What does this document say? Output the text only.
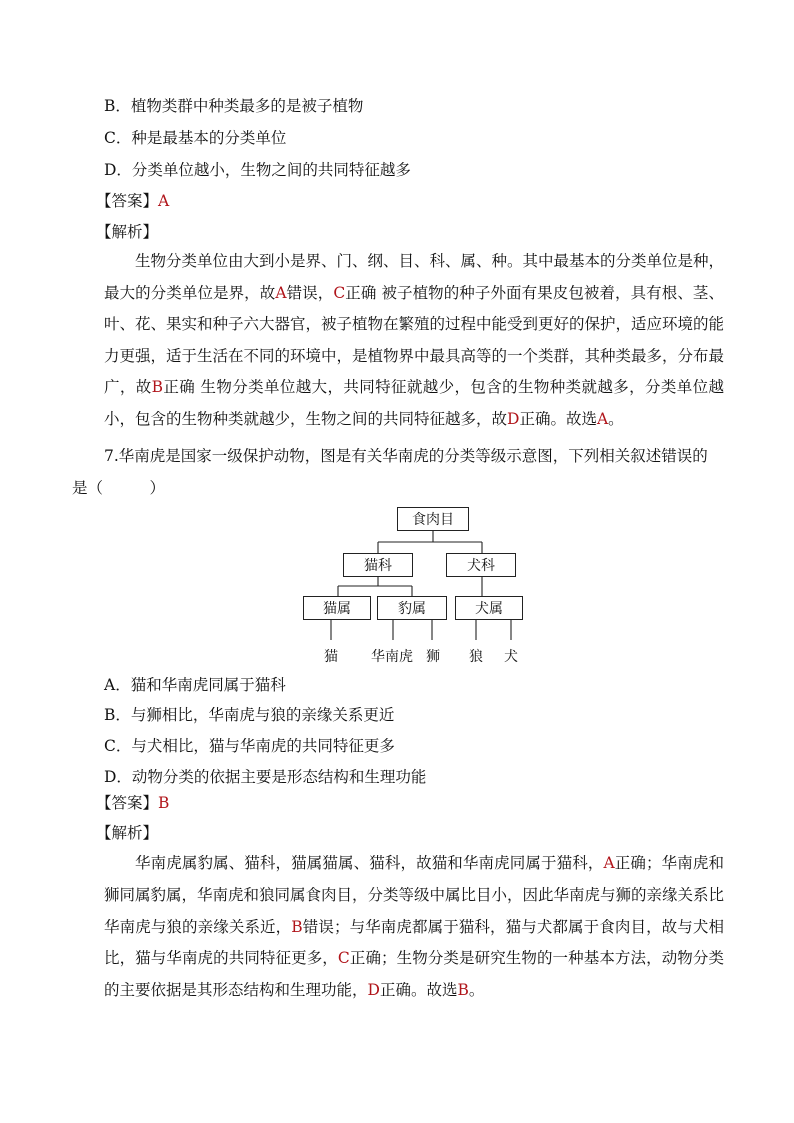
B．植物类群中种类最多的是被子植物
C．种是最基本的分类单位
D．分类单位越小，生物之间的共同特征越多
【答案】A
【解析】
生物分类单位由大到小是界、门、纲、目、科、属、种。其中最基本的分类单位是种，最大的分类单位是界，故A错误，C正确 被子植物的种子外面有果皮包被着，具有根、茎、叶、花、果实和种子六大器官，被子植物在繁殖的过程中能受到更好的保护，适应环境的能力更强，适于生活在不同的环境中，是植物界中最具高等的一个类群，其种类最多，分布最广，故B正确 生物分类单位越大，共同特征就越少，包含的生物种类就越多，分类单位越小，包含的生物种类就越少，生物之间的共同特征越多，故D正确。故选A。
7.华南虎是国家一级保护动物，图是有关华南虎的分类等级示意图，下列相关叙述错误的
是（　　　）
食肉目
猫科	犬科
猫属	豹属	犬属
猫 华南虎 狮 狼 犬
A．猫和华南虎同属于猫科
B．与狮相比，华南虎与狼的亲缘关系更近
C．与犬相比，猫与华南虎的共同特征更多
D．动物分类的依据主要是形态结构和生理功能
【答案】B
【解析】
华南虎属豹属、猫科，猫属猫属、猫科，故猫和华南虎同属于猫科，A正确；华南虎和狮同属豹属，华南虎和狼同属食肉目，分类等级中属比目小，因此华南虎与狮的亲缘关系比华南虎与狼的亲缘关系近，B错误；与华南虎都属于猫科，猫与犬都属于食肉目，故与犬相比，猫与华南虎的共同特征更多，C正确；生物分类是研究生物的一种基本方法，动物分类的主要依据是其形态结构和生理功能，D正确。故选B。
